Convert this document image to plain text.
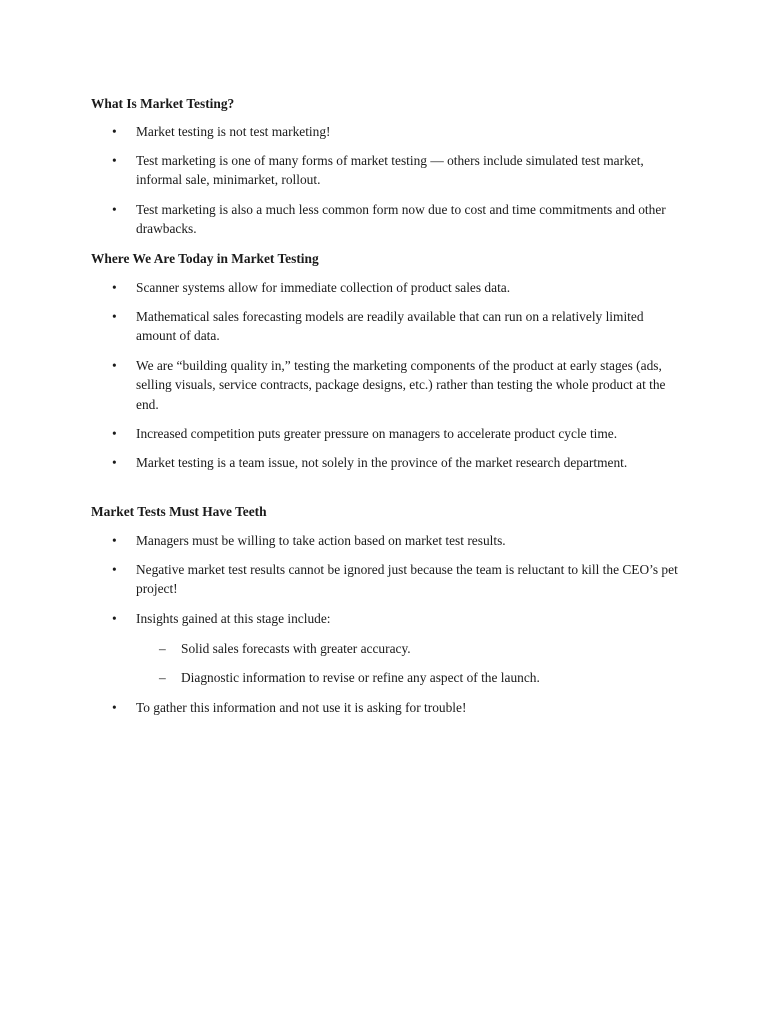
What Is Market Testing?
• Market testing is not test marketing!
• Test marketing is one of many forms of market testing — others include simulated test market, informal sale, minimarket, rollout.
• Test marketing is also a much less common form now due to cost and time commitments and other drawbacks.
Where We Are Today in Market Testing
• Scanner systems allow for immediate collection of product sales data.
• Mathematical sales forecasting models are readily available that can run on a relatively limited amount of data.
• We are “building quality in,” testing the marketing components of the product at early stages (ads, selling visuals, service contracts, package designs, etc.) rather than testing the whole product at the end.
• Increased competition puts greater pressure on managers to accelerate product cycle time.
• Market testing is a team issue, not solely in the province of the market research department.
Market Tests Must Have Teeth
• Managers must be willing to take action based on market test results.
• Negative market test results cannot be ignored just because the team is reluctant to kill the CEO’s pet project!
• Insights gained at this stage include:
– Solid sales forecasts with greater accuracy.
– Diagnostic information to revise or refine any aspect of the launch.
• To gather this information and not use it is asking for trouble!
